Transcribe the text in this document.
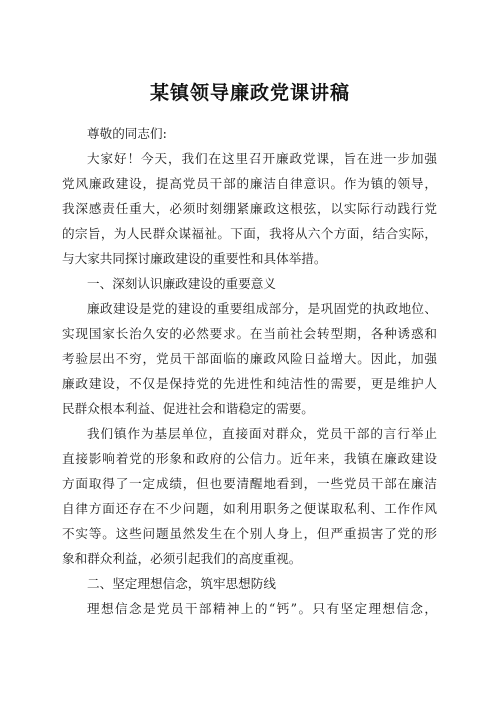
某镇领导廉政党课讲稿
尊敬的同志们:
大家好！今天，我们在这里召开廉政党课，旨在进一步加强
党风廉政建设，提高党员干部的廉洁自律意识。作为镇的领导，
我深感责任重大，必须时刻绷紧廉政这根弦，以实际行动践行党
的宗旨，为人民群众谋福祉。下面，我将从六个方面，结合实际，
与大家共同探讨廉政建设的重要性和具体举措。
一、深刻认识廉政建设的重要意义
廉政建设是党的建设的重要组成部分，是巩固党的执政地位、
实现国家长治久安的必然要求。在当前社会转型期，各种诱惑和
考验层出不穷，党员干部面临的廉政风险日益增大。因此，加强
廉政建设，不仅是保持党的先进性和纯洁性的需要，更是维护人
民群众根本利益、促进社会和谐稳定的需要。
我们镇作为基层单位，直接面对群众，党员干部的言行举止
直接影响着党的形象和政府的公信力。近年来，我镇在廉政建设
方面取得了一定成绩，但也要清醒地看到，一些党员干部在廉洁
自律方面还存在不少问题，如利用职务之便谋取私利、工作作风
不实等。这些问题虽然发生在个别人身上，但严重损害了党的形
象和群众利益，必须引起我们的高度重视。
二、坚定理想信念，筑牢思想防线
理想信念是党员干部精神上的“钙”。只有坚定理想信念，
